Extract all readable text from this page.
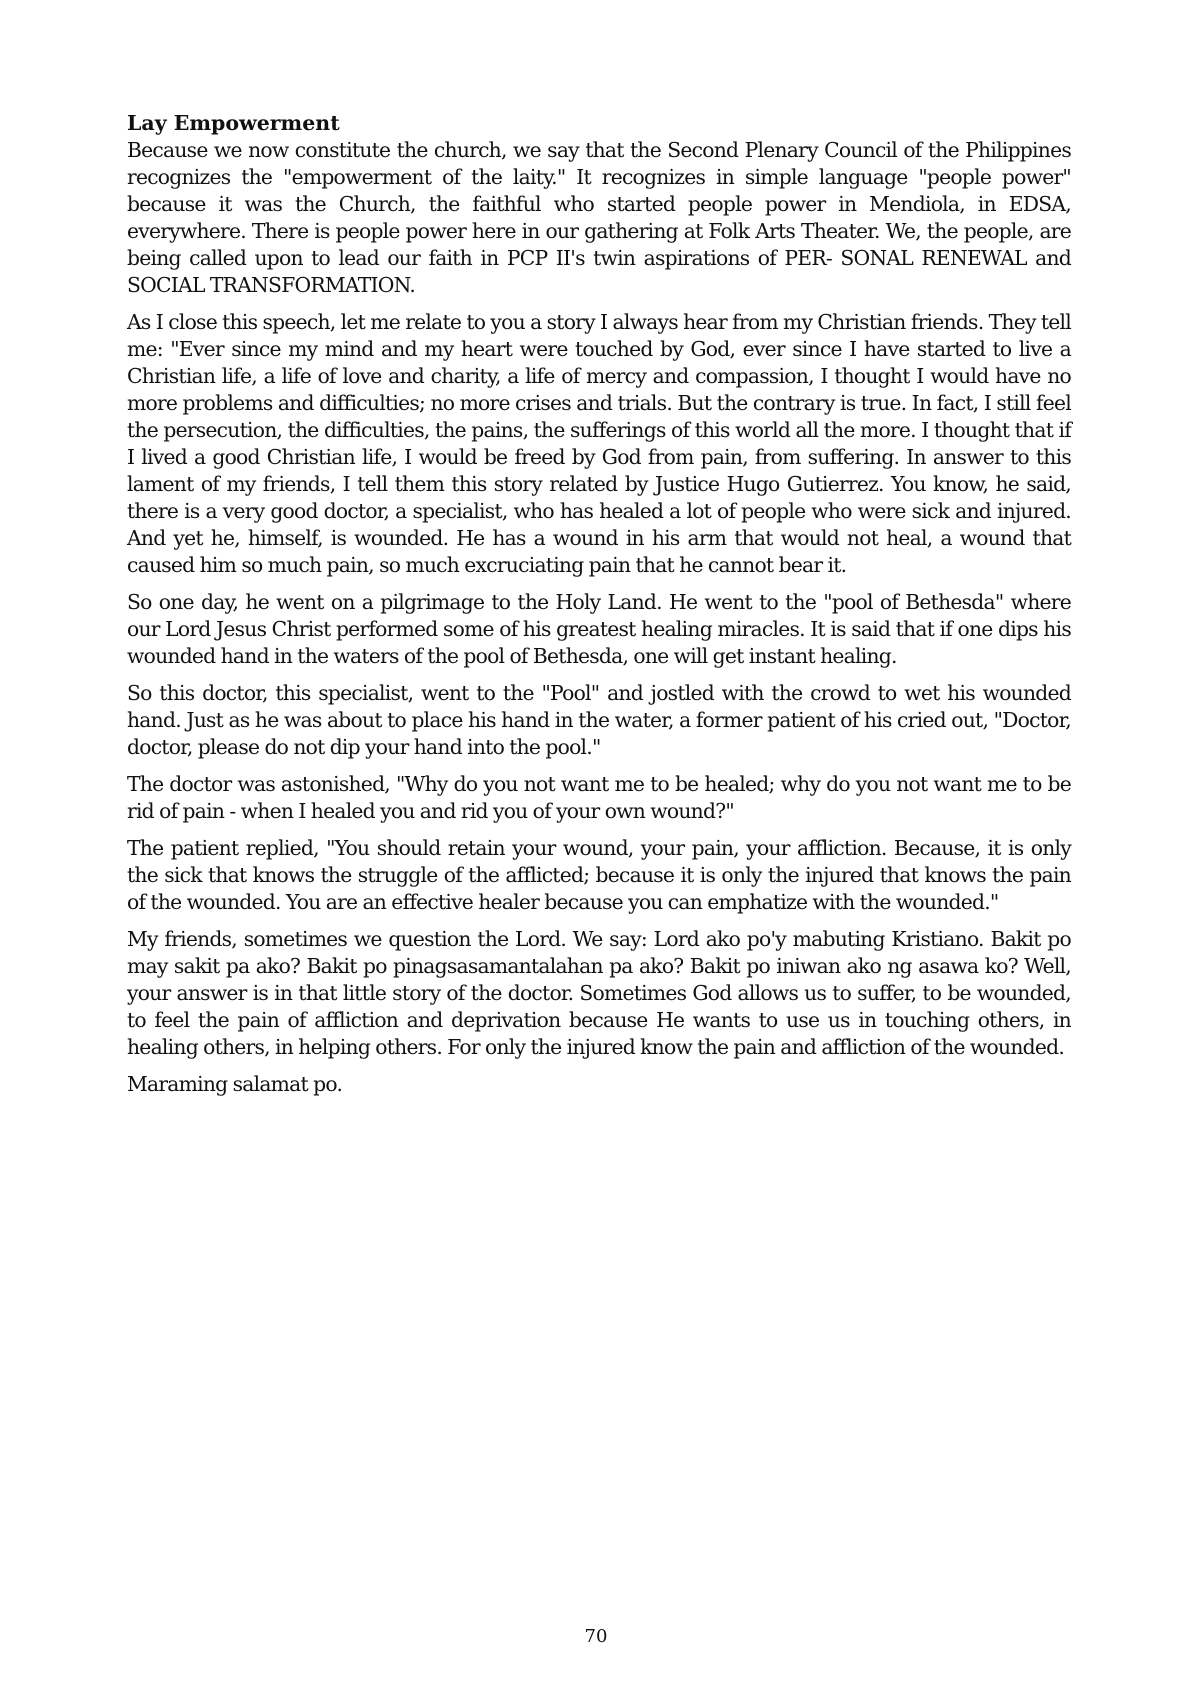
Lay Empowerment

Because we now constitute the church, we say that the Second Plenary Council of the Philippines recognizes the "empowerment of the laity." It recognizes in simple language "people power" because it was the Church, the faithful who started people power in Mendiola, in EDSA, everywhere. There is people power here in our gathering at Folk Arts Theater. We, the people, are being called upon to lead our faith in PCP II's twin aspirations of PER- SONAL RENEWAL and SOCIAL TRANSFORMATION.

As I close this speech, let me relate to you a story I always hear from my Christian friends. They tell me: "Ever since my mind and my heart were touched by God, ever since I have started to live a Christian life, a life of love and charity, a life of mercy and compassion, I thought I would have no more problems and difficulties; no more crises and trials. But the contrary is true. In fact, I still feel the persecution, the difficulties, the pains, the sufferings of this world all the more. I thought that if I lived a good Christian life, I would be freed by God from pain, from suffering. In answer to this lament of my friends, I tell them this story related by Justice Hugo Gutierrez. You know, he said, there is a very good doctor, a specialist, who has healed a lot of people who were sick and injured. And yet he, himself, is wounded. He has a wound in his arm that would not heal, a wound that caused him so much pain, so much excruciating pain that he cannot bear it.

So one day, he went on a pilgrimage to the Holy Land. He went to the "pool of Bethesda" where our Lord Jesus Christ performed some of his greatest healing miracles. It is said that if one dips his wounded hand in the waters of the pool of Bethesda, one will get instant healing.

So this doctor, this specialist, went to the "Pool" and jostled with the crowd to wet his wounded hand. Just as he was about to place his hand in the water, a former patient of his cried out, "Doctor, doctor, please do not dip your hand into the pool."

The doctor was astonished, "Why do you not want me to be healed; why do you not want me to be rid of pain - when I healed you and rid you of your own wound?"

The patient replied, "You should retain your wound, your pain, your affliction. Because, it is only the sick that knows the struggle of the afflicted; because it is only the injured that knows the pain of the wounded. You are an effective healer because you can emphatize with the wounded."

My friends, sometimes we question the Lord. We say: Lord ako po'y mabuting Kristiano. Bakit po may sakit pa ako? Bakit po pinagsasamantalahan pa ako? Bakit po iniwan ako ng asawa ko? Well, your answer is in that little story of the doctor. Sometimes God allows us to suffer, to be wounded, to feel the pain of affliction and deprivation because He wants to use us in touching others, in healing others, in helping others. For only the injured know the pain and affliction of the wounded.

Maraming salamat po.

70
